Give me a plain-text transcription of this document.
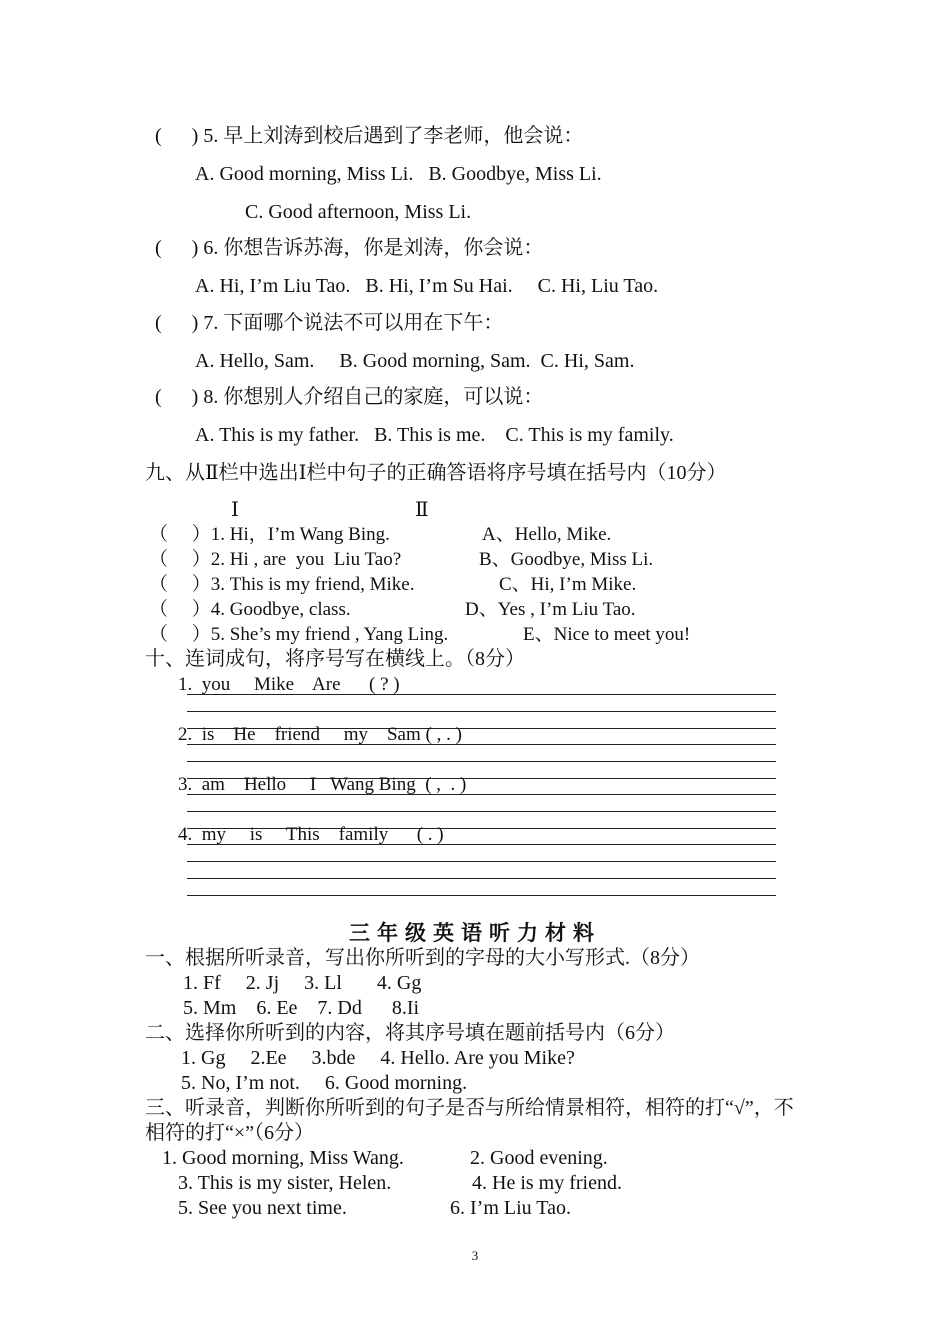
(      ) 5. 早上刘涛到校后遇到了李老师，他会说：
A. Good morning, Miss Li.   B. Goodbye, Miss Li.
C. Good afternoon, Miss Li.
(      ) 6. 你想告诉苏海，你是刘涛，你会说：
A. Hi, I’m Liu Tao.   B. Hi, I’m Su Hai.     C. Hi, Liu Tao.
(      ) 7. 下面哪个说法不可以用在下午：
A. Hello, Sam.     B. Good morning, Sam.  C. Hi, Sam.
(      ) 8. 你想别人介绍自己的家庭，可以说：
A. This is my father.   B. This is me.    C. This is my family.
九、从Ⅱ栏中选出Ⅰ栏中句子的正确答语将序号填在括号内（10分）
Ⅰ	Ⅱ
（     ）1. Hi，I’m Wang Bing.	A、Hello, Mike.
（     ）2. Hi , are  you  Liu Tao?	B、Goodbye, Miss Li.
（     ）3. This is my friend, Mike.	C、Hi, I’m Mike.
（     ）4. Goodbye, class.	D、Yes , I’m Liu Tao.
（     ）5. She’s my friend , Yang Ling.	E、Nice to meet you!
十、连词成句，将序号写在横线上。（8分）
1.  you     Mike    Are      ( ? )
2.  is    He    friend     my    Sam ( , . )
3.  am    Hello     I   Wang Bing  ( ,  . )
4.  my     is     This    family      ( . )
三年级英语听力材料
一、根据所听录音，写出你所听到的字母的大小写形式.（8分）
1. Ff     2. Jj     3. Ll       4. Gg
5. Mm    6. Ee    7. Dd      8.Ii
二、选择你所听到的内容，将其序号填在题前括号内（6分）
1. Gg     2.Ee     3.bde     4. Hello. Are you Mike?
5. No, I’m not.     6. Good morning.
三、听录音，判断你所听到的句子是否与所给情景相符，相符的打“√”，不
相符的打“×”（6分）
1. Good morning, Miss Wang.	2. Good evening.
3. This is my sister, Helen.	4. He is my friend.
5. See you next time.	6. I’m Liu Tao.
3
